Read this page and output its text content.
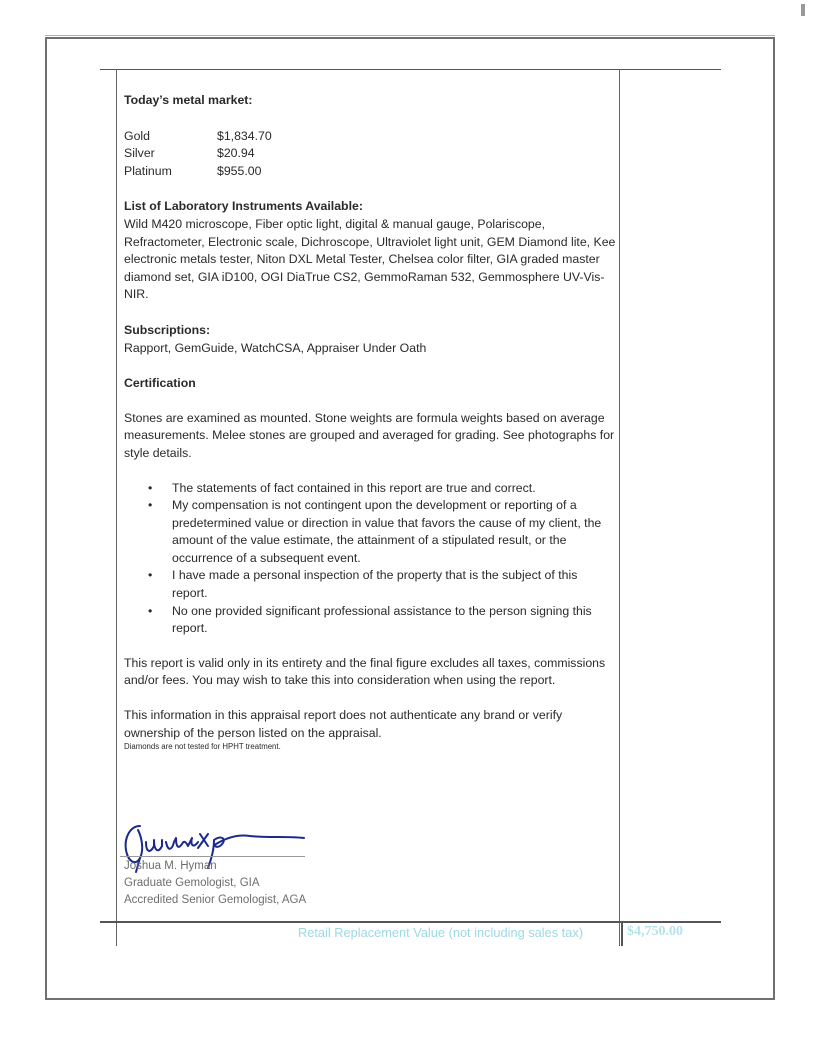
Today’s metal market:

Gold	$1,834.70
Silver	$20.94
Platinum	$955.00

List of Laboratory Instruments Available:

Wild M420 microscope, Fiber optic light, digital & manual gauge, Polariscope, Refractometer, Electronic scale, Dichroscope, Ultraviolet light unit, GEM Diamond lite, Kee electronic metals tester, Niton DXL Metal Tester, Chelsea color filter, GIA graded master diamond set, GIA iD100, OGI DiaTrue CS2, GemmoRaman 532, Gemmosphere UV-Vis-NIR.

Subscriptions:

Rapport, GemGuide, WatchCSA, Appraiser Under Oath

Certification

Stones are examined as mounted. Stone weights are formula weights based on average measurements. Melee stones are grouped and averaged for grading. See photographs for style details.

• The statements of fact contained in this report are true and correct.
• My compensation is not contingent upon the development or reporting of a predetermined value or direction in value that favors the cause of my client, the amount of the value estimate, the attainment of a stipulated result, or the occurrence of a subsequent event.
• I have made a personal inspection of the property that is the subject of this report.
• No one provided significant professional assistance to the person signing this report.

This report is valid only in its entirety and the final figure excludes all taxes, commissions and/or fees. You may wish to take this into consideration when using the report.

This information in this appraisal report does not authenticate any brand or verify ownership of the person listed on the appraisal.

Diamonds are not tested for HPHT treatment.

Joshua M. Hyman
Graduate Gemologist, GIA
Accredited Senior Gemologist, AGA
Retail Replacement Value (not including sales tax)	$4,750.00
